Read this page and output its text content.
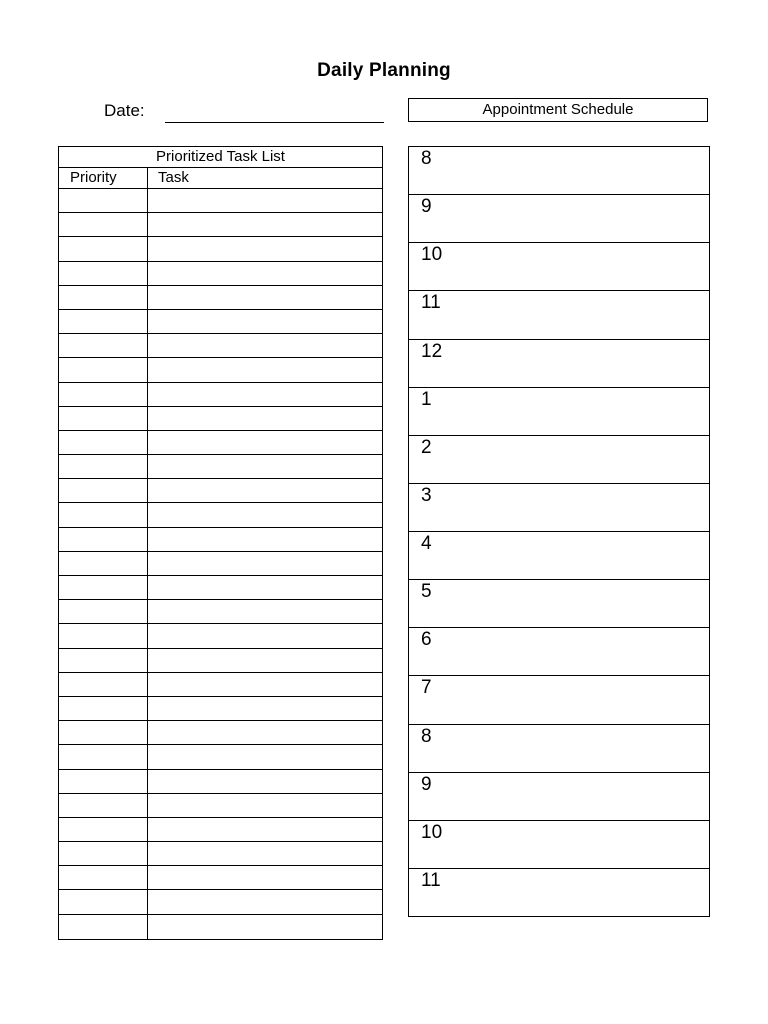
Daily Planning
Date:	Appointment Schedule
Prioritized Task List
Priority	Task
8
9
10
11
12
1
2
3
4
5
6
7
8
9
10
11
